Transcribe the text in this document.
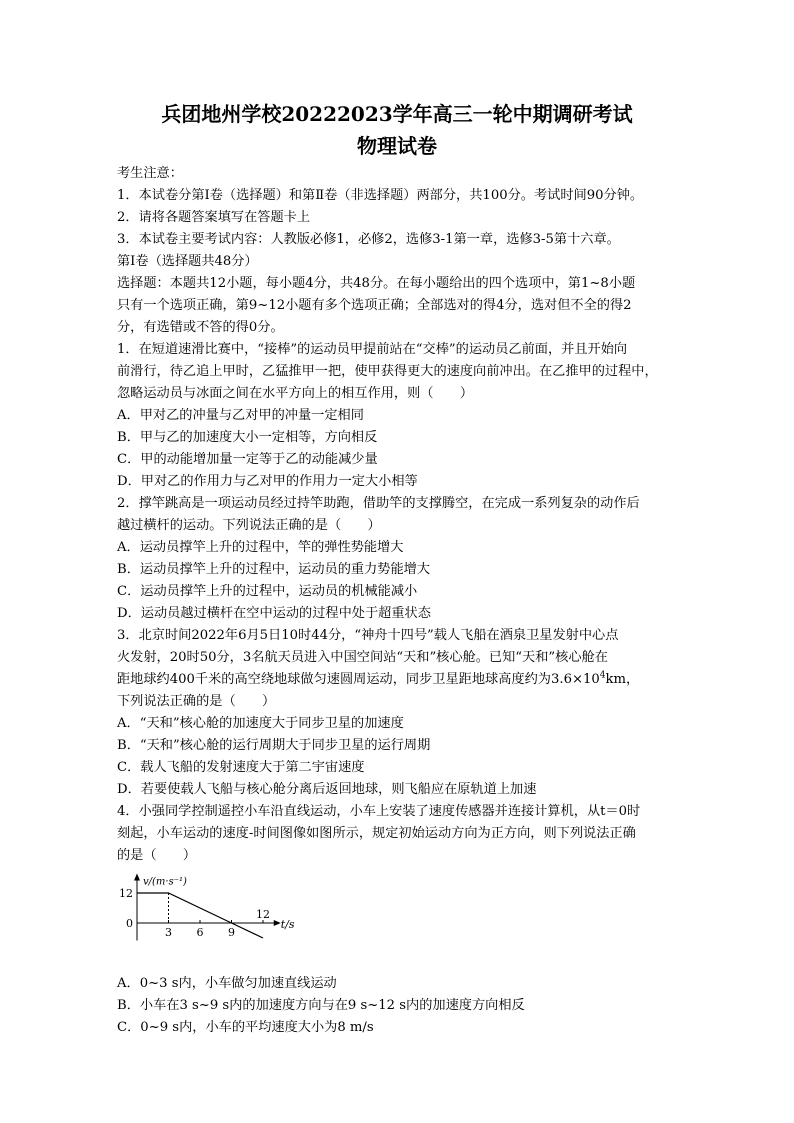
兵团地州学校20222023学年高三一轮中期调研考试
物理试卷
考生注意：
1．本试卷分第Ⅰ卷（选择题）和第Ⅱ卷（非选择题）两部分，共100分。考试时间90分钟。
2．请将各题答案填写在答题卡上
3．本试卷主要考试内容：人教版必修1，必修2，选修3-1第一章，选修3-5第十六章。
第Ⅰ卷（选择题共48分）
选择题：本题共12小题，每小题4分，共48分。在每小题给出的四个选项中，第1~8小题
只有一个选项正确，第9~12小题有多个选项正确；全部选对的得4分，选对但不全的得2
分，有选错或不答的得0分。
1．在短道速滑比赛中，“接棒”的运动员甲提前站在“交棒”的运动员乙前面，并且开始向
前滑行，待乙追上甲时，乙猛推甲一把，使甲获得更大的速度向前冲出。在乙推甲的过程中，
忽略运动员与冰面之间在水平方向上的相互作用，则（　　）
A．甲对乙的冲量与乙对甲的冲量一定相同
B．甲与乙的加速度大小一定相等，方向相反
C．甲的动能增加量一定等于乙的动能减少量
D．甲对乙的作用力与乙对甲的作用力一定大小相等
2．撑竿跳高是一项运动员经过持竿助跑，借助竿的支撑腾空，在完成一系列复杂的动作后
越过横杆的运动。下列说法正确的是（　　）
A．运动员撑竿上升的过程中，竿的弹性势能增大
B．运动员撑竿上升的过程中，运动员的重力势能增大
C．运动员撑竿上升的过程中，运动员的机械能减小
D．运动员越过横杆在空中运动的过程中处于超重状态
3．北京时间2022年6月5日10时44分，“神舟十四号”载人飞船在酒泉卫星发射中心点
火发射，20时50分，3名航天员进入中国空间站“天和”核心舱。已知“天和”核心舱在
距地球约400千米的高空绕地球做匀速圆周运动，同步卫星距地球高度约为$3.6\times 10^4km$，
下列说法正确的是（　　）
A．“天和”核心舱的加速度大于同步卫星的加速度
B．“天和”核心舱的运行周期大于同步卫星的运行周期
C．载人飞船的发射速度大于第二宇宙速度
D．若要使载人飞船与核心舱分离后返回地球，则飞船应在原轨道上加速
4．小强同学控制遥控小车沿直线运动，小车上安装了速度传感器并连接计算机，从t＝0时
刻起，小车运动的速度-时间图像如图所示，规定初始运动方向为正方向，则下列说法正确
的是（　　）
3 6 9
12
12
0
v/(m·s⁻¹)
t/s
A．0~3 s内，小车做匀加速直线运动
B．小车在3 s~9 s内的加速度方向与在9 s~12 s内的加速度方向相反
C．0~9 s内，小车的平均速度大小为8 m/s
